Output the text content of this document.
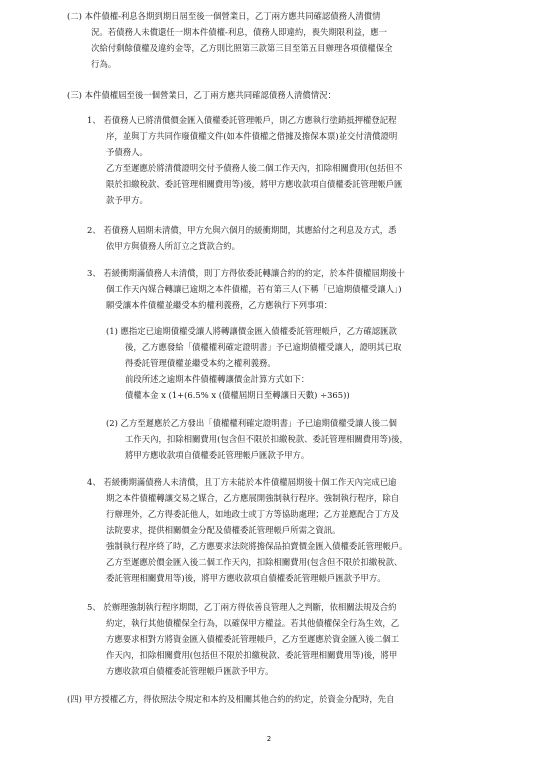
(二) 本件債權-利息各期到期日屆至後一個營業日，乙丁兩方應共同確認債務人清償情
況。若債務人未償還任一期本件債權-利息，債務人即違約，喪失期限利益，應一
次給付剩餘債權及違約金等，乙方則比照第三款第三目至第五目辦理各項債權保全
行為。
(三) 本件債權屆至後一個營業日，乙丁兩方應共同確認債務人清償情況：
1、 若債務人已將清償價金匯入債權委託管理帳戶，則乙方應執行塗銷抵押權登記程
序，並與丁方共同作廢債權文件(如本件債權之借據及擔保本票)並交付清償證明
予債務人。
乙方至遲應於將清償證明交付予債務人後二個工作天內，扣除相關費用(包括但不
限於扣繳稅款、委託管理相關費用等)後，將甲方應收款項自債權委託管理帳戶匯
款予甲方。
2、 若債務人屆期未清償，甲方允與六個月的緩衝期間，其應給付之利息及方式，悉
依甲方與債務人所訂立之貸款合約。
3、 若緩衝期滿債務人未清償，則丁方得依委託轉讓合約的約定，於本件債權屆期後十
個工作天內媒合轉讓已逾期之本件債權，若有第三人(下稱「已逾期債權受讓人」)
願受讓本件債權並繼受本約權利義務，乙方應執行下列事項：
(1) 應指定已逾期債權受讓人將轉讓價金匯入債權委託管理帳戶，乙方確認匯款
後，乙方應發給「債權權利確定證明書」予已逾期債權受讓人，證明其已取
得委託管理債權並繼受本約之權利義務。
前段所述之逾期本件債權轉讓價金計算方式如下：
債權本金 x (1+(6.5% x (債權屆期日至轉讓日天數) ÷365))
(2) 乙方至遲應於乙方發出「債權權利確定證明書」予已逾期債權受讓人後二個
工作天內，扣除相關費用(包含但不限於扣繳稅款、委託管理相關費用等)後，
將甲方應收款項自債權委託管理帳戶匯款予甲方。
4、 若緩衝期滿債務人未清償，且丁方未能於本件債權屆期後十個工作天內完成已逾
期之本件債權轉讓交易之媒合，乙方應展開強制執行程序。強制執行程序，除自
行辦理外，乙方得委託他人，如地政士或丁方等協助處理；乙方並應配合丁方及
法院要求，提供相關價金分配及債權委託管理帳戶所需之資訊。
強制執行程序終了時，乙方應要求法院將擔保品拍賣價金匯入債權委託管理帳戶。
乙方至遲應於價金匯入後二個工作天內，扣除相關費用(包含但不限於扣繳稅款、
委託管理相關費用等)後，將甲方應收款項自債權委託管理帳戶匯款予甲方。
5、 於辦理強制執行程序期間，乙丁兩方得依善良管理人之判斷，依相關法規及合約
約定，執行其他債權保全行為，以確保甲方權益。若其他債權保全行為生效，乙
方應要求相對方將資金匯入債權委託管理帳戶，乙方至遲應於資金匯入後二個工
作天內，扣除相關費用(包括但不限於扣繳稅款、委託管理相關費用等)後，將甲
方應收款項自債權委託管理帳戶匯款予甲方。
(四) 甲方授權乙方，得依照法令規定和本約及相關其他合約的約定，於資金分配時，先自
2
